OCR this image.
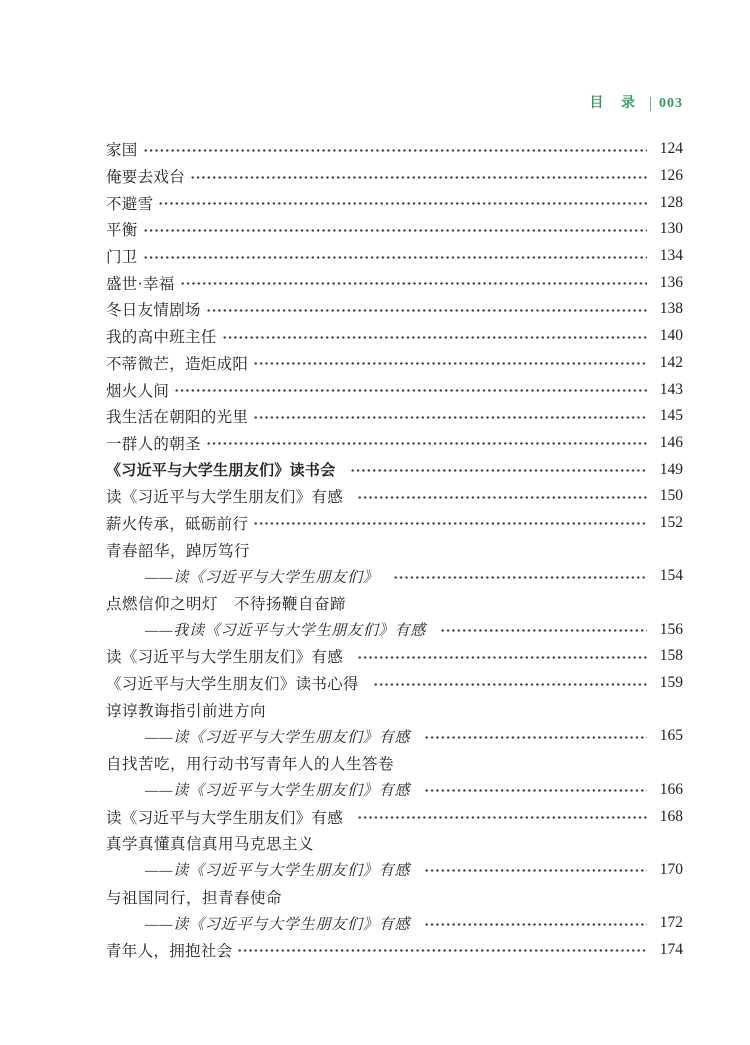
目 录 003
家国	124
俺要去戏台	126
不避雪	128
平衡	130
门卫	134
盛世·幸福	136
冬日友情剧场	138
我的高中班主任	140
不蒂微芒，造炬成阳	142
烟火人间	143
我生活在朝阳的光里	145
一群人的朝圣	146
《习近平与大学生朋友们》读书会	149
读《习近平与大学生朋友们》有感	150
薪火传承，砥砺前行	152
青春韶华，踔厉笃行
——读《习近平与大学生朋友们》	154
点燃信仰之明灯　不待扬鞭自奋蹄
——我读《习近平与大学生朋友们》有感	156
读《习近平与大学生朋友们》有感	158
《习近平与大学生朋友们》读书心得	159
谆谆教诲指引前进方向
——读《习近平与大学生朋友们》有感	165
自找苦吃，用行动书写青年人的人生答卷
——读《习近平与大学生朋友们》有感	166
读《习近平与大学生朋友们》有感	168
真学真懂真信真用马克思主义
——读《习近平与大学生朋友们》有感	170
与祖国同行，担青春使命
——读《习近平与大学生朋友们》有感	172
青年人，拥抱社会	174
